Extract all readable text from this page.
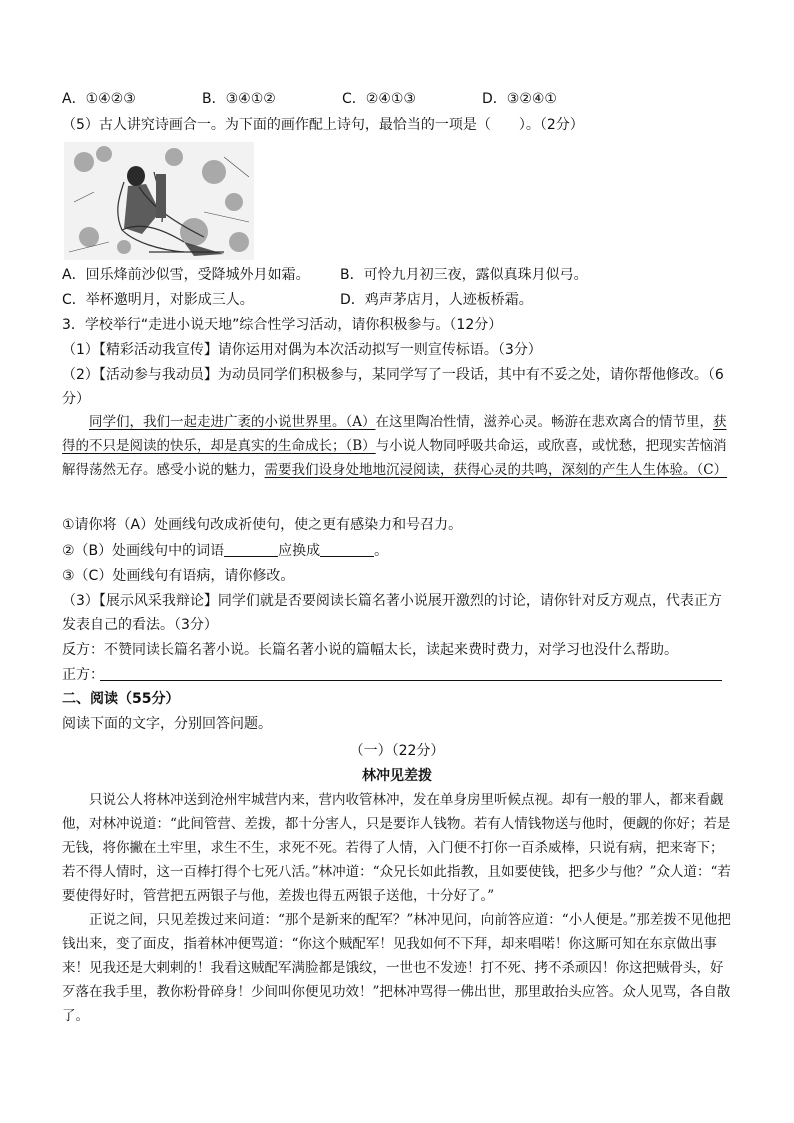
A．①④②③	B．③④①②	C．②④①③	D．③②④①
（5）古人讲究诗画合一。为下面的画作配上诗句，最恰当的一项是（　　）。（2分）
A．回乐烽前沙似雪，受降城外月如霜。 B．可怜九月初三夜，露似真珠月似弓。
C．举杯邀明月，对影成三人。	D．鸡声茅店月，人迹板桥霜。
3．学校举行“走进小说天地”综合性学习活动，请你积极参与。（12分）
（1）【精彩活动我宣传】请你运用对偶为本次活动拟写一则宣传标语。（3分）
（2）【活动参与我动员】为动员同学们积极参与，某同学写了一段话，其中有不妥之处，请你帮他修改。（6
分）
同学们，我们一起走进广袤的小说世界里。（A）在这里陶冶性情，滋养心灵。畅游在悲欢离合的情节里，获得的不只是阅读的快乐，却是真实的生命成长；（B）与小说人物同呼吸共命运，或欣喜，或忧愁，把现实苦恼消解得荡然无存。感受小说的魅力，需要我们设身处地地沉浸阅读，获得心灵的共鸣，深刻的产生人生体验。（C）
①请你将（A）处画线句改成祈使句，使之更有感染力和号召力。
②（B）处画线句中的词语	应换成	。
③（C）处画线句有语病，请你修改。
（3）【展示风采我辩论】同学们就是否要阅读长篇名著小说展开激烈的讨论，请你针对反方观点，代表正方
发表自己的看法。（3分）
反方：不赞同读长篇名著小说。长篇名著小说的篇幅太长，读起来费时费力，对学习也没什么帮助。
正方：
二、阅读（55分）
阅读下面的文字，分别回答问题。
（一）（22分）
林冲见差拨
只说公人将林冲送到沧州牢城营内来，营内收管林冲，发在单身房里听候点视。却有一般的罪人，都来看觑他，对林冲说道：“此间管营、差拨，都十分害人，只是要诈人钱物。若有人情钱物送与他时，便觑的你好；若是无钱，将你撇在土牢里，求生不生，求死不死。若得了人情，入门便不打你一百杀威棒，只说有病，把来寄下；若不得人情时，这一百棒打得个七死八活。”林冲道：“众兄长如此指教，且如要使钱，把多少与他？”众人道：“若要使得好时，管营把五两银子与他，差拨也得五两银子送他，十分好了。”
正说之间，只见差拨过来问道：“那个是新来的配军？”林冲见问，向前答应道：“小人便是。”那差拨不见他把钱出来，变了面皮，指着林冲便骂道：“你这个贼配军！见我如何不下拜，却来唱喏！你这厮可知在东京做出事来！见我还是大剌剌的！我看这贼配军满脸都是饿纹，一世也不发迹！打不死、拷不杀顽囚！你这把贼骨头，好歹落在我手里，教你粉骨碎身！少间叫你便见功效！”把林冲骂得一佛出世，那里敢抬头应答。众人见骂，各自散了。
